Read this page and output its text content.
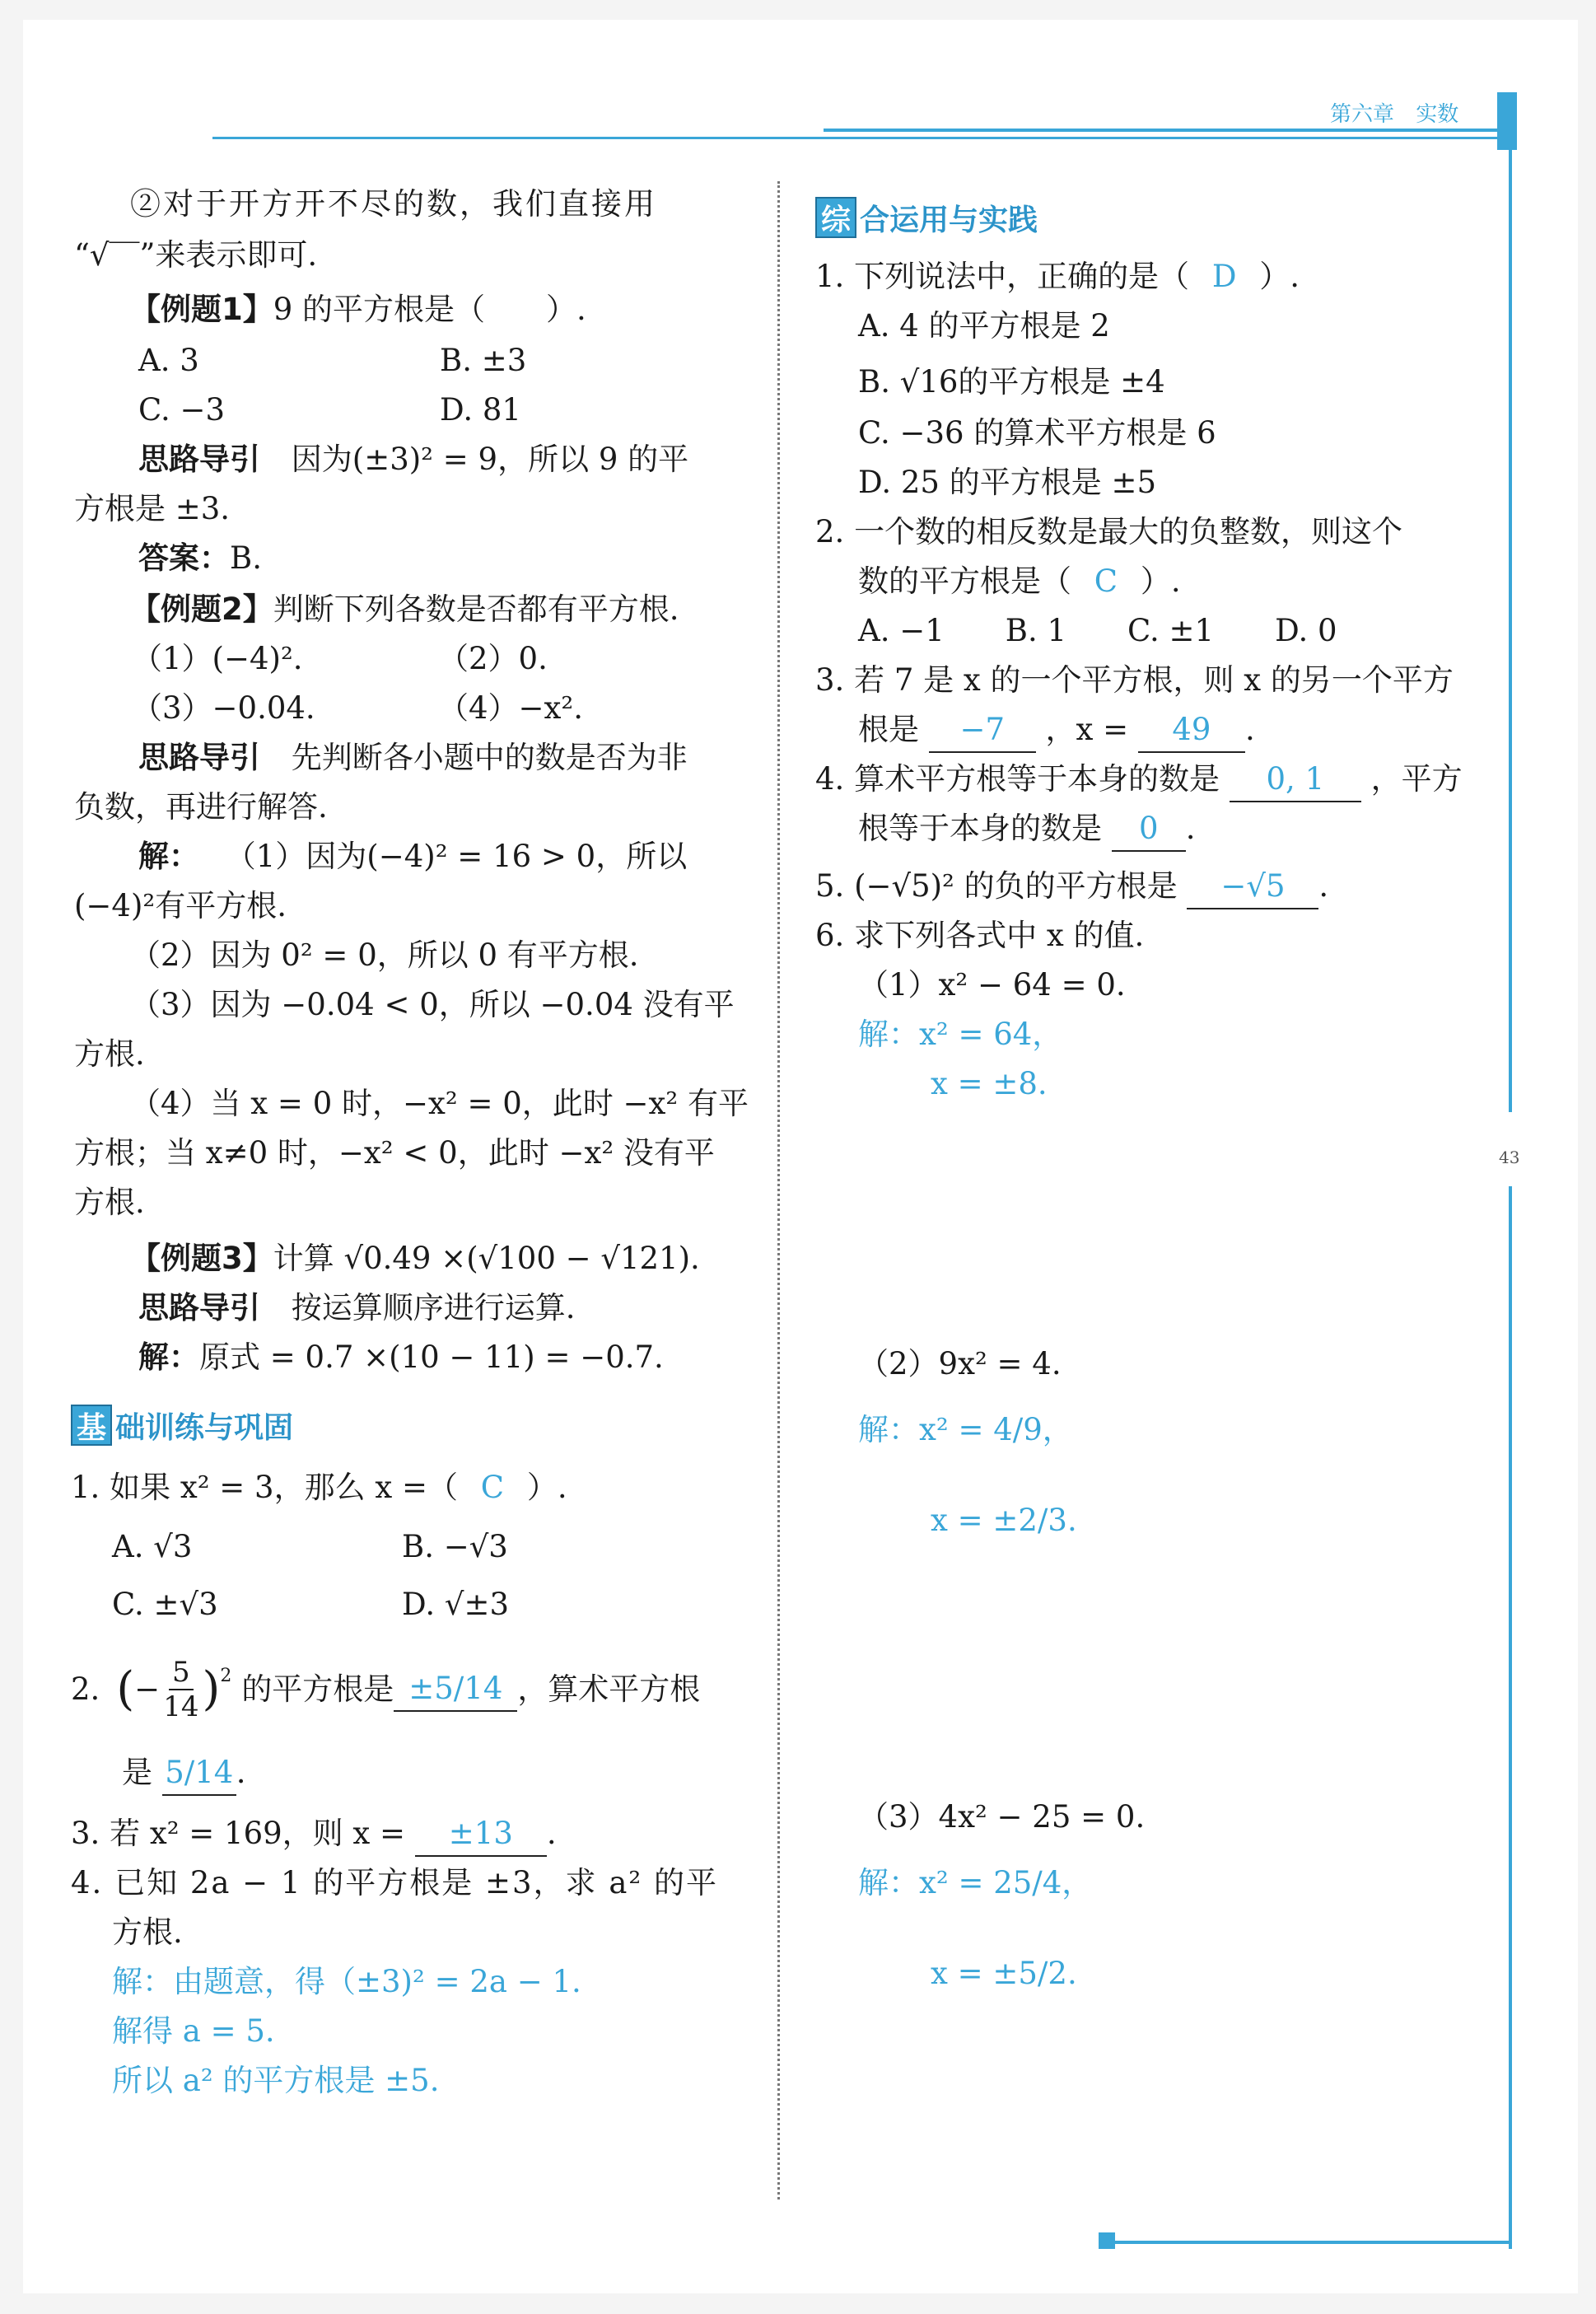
第六章 实数
43
②对于开方开不尽的数，我们直接用
“√‾‾”来表示即可.
【例题1】9 的平方根是（　　）.
A. 3	B. ±3
C. −3	D. 81
思路导引 因为(±3)² = 9，所以 9 的平
方根是 ±3.
答案：B.
【例题2】判断下列各数是否都有平方根.
（1）(−4)².	（2）0.
（3）−0.04.	（4）−x².
思路导引 先判断各小题中的数是否为非
负数，再进行解答.
解： （1）因为(−4)² = 16 > 0，所以
(−4)²有平方根.
（2）因为 0² = 0，所以 0 有平方根.
（3）因为 −0.04 < 0，所以 −0.04 没有平
方根.
（4）当 x = 0 时，−x² = 0，此时 −x² 有平
方根；当 x≠0 时，−x² < 0，此时 −x² 没有平
方根.
【例题3】计算 √0.49 ×(√100 − √121).
思路导引 按运算顺序进行运算.
解：原式 = 0.7 ×(10 − 11) = −0.7.
基 础训练与巩固
1. 如果 x² = 3，那么 x =（ C ）.
A. √3	B. −√3
C. ±√3	D. √±3
2. ( − $\frac{5}{14}$ ) 2 的平方根是 ±5/14 ，算术平方根
是 5/14.
3. 若 x² = 169，则 x = ±13 .
4. 已知 2a − 1 的平方根是 ±3，求 a² 的平
方根.
解：由题意，得（±3)² = 2a − 1.
解得 a = 5.
所以 a² 的平方根是 ±5.
综 合运用与实践
1. 下列说法中，正确的是（ D ）.
A. 4 的平方根是 2
B. √16的平方根是 ±4
C. −36 的算术平方根是 6
D. 25 的平方根是 ±5
2. 一个数的相反数是最大的负整数，则这个
数的平方根是（ C ）.
A. −1　　B. 1　　C. ±1　　D. 0
3. 若 7 是 x 的一个平方根，则 x 的另一个平方
根是 −7 ，x = 49 .
4. 算术平方根等于本身的数是 0, 1 ，平方
根等于本身的数是 0 .
5. (−√5)² 的负的平方根是 −√5 .
6. 求下列各式中 x 的值.
（1）x² − 64 = 0.
解：x² = 64，
x = ±8.
（2）9x² = 4.
解：x² = 4/9，
x = ±2/3.
（3）4x² − 25 = 0.
解：x² = 25/4，
x = ±5/2.
